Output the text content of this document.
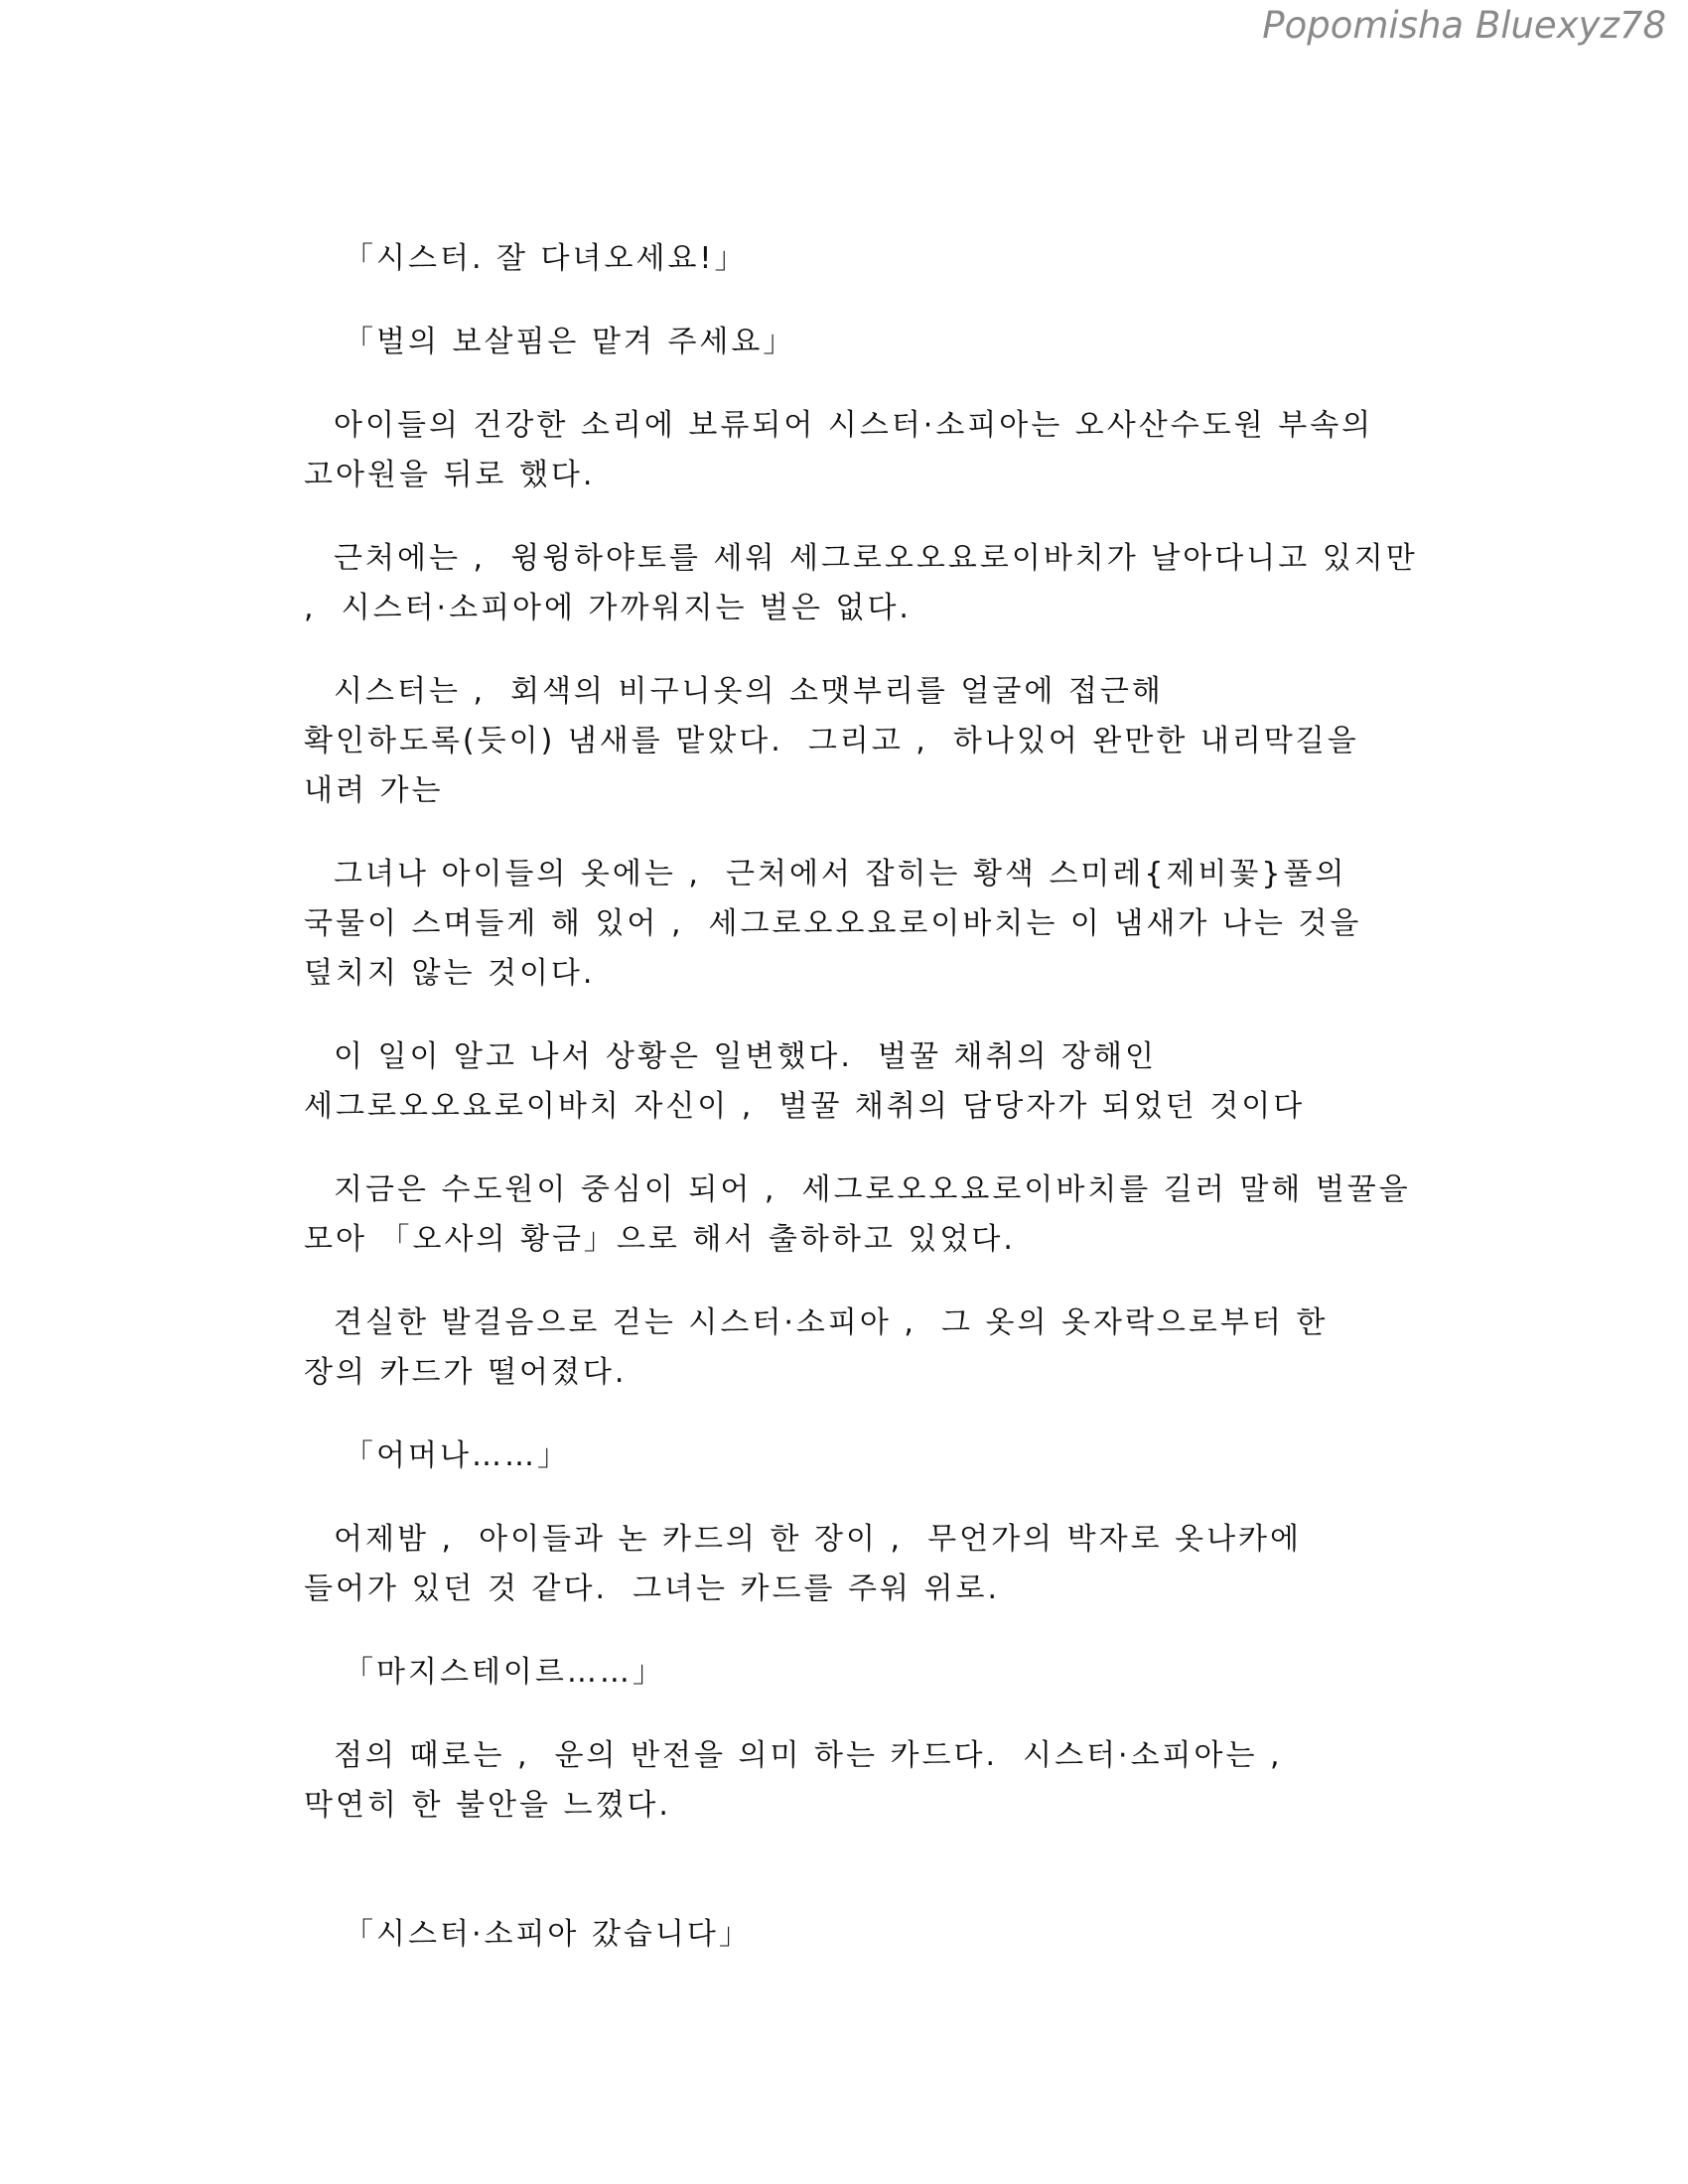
Popomisha Bluexyz78
「시스터. 잘 다녀오세요!」
「벌의 보살핌은 맡겨 주세요」
아이들의 건강한 소리에 보류되어 시스터·소피아는 오사산수도원 부속의
고아원을 뒤로 했다.
근처에는 ,  윙윙하야토를 세워 세그로오오요로이바치가 날아다니고 있지만
,  시스터·소피아에 가까워지는 벌은 없다.
시스터는 ,  회색의 비구니옷의 소맷부리를 얼굴에 접근해
확인하도록(듯이) 냄새를 맡았다.  그리고 ,  하나있어 완만한 내리막길을
내려 가는
그녀나 아이들의 옷에는 ,  근처에서 잡히는 황색 스미레{제비꽃}풀의
국물이 스며들게 해 있어 ,  세그로오오요로이바치는 이 냄새가 나는 것을
덮치지 않는 것이다.
이 일이 알고 나서 상황은 일변했다.  벌꿀 채취의 장해인
세그로오오요로이바치 자신이 ,  벌꿀 채취의 담당자가 되었던 것이다
지금은 수도원이 중심이 되어 ,  세그로오오요로이바치를 길러 말해 벌꿀을
모아 「오사의 황금」으로 해서 출하하고 있었다.
견실한 발걸음으로 걷는 시스터·소피아 ,  그 옷의 옷자락으로부터 한
장의 카드가 떨어졌다.
「어머나……」
어제밤 ,  아이들과 논 카드의 한 장이 ,  무언가의 박자로 옷나카에
들어가 있던 것 같다.  그녀는 카드를 주워 위로.
「마지스테이르……」
점의 때로는 ,  운의 반전을 의미 하는 카드다.  시스터·소피아는 ,
막연히 한 불안을 느꼈다.
「시스터·소피아 갔습니다」
